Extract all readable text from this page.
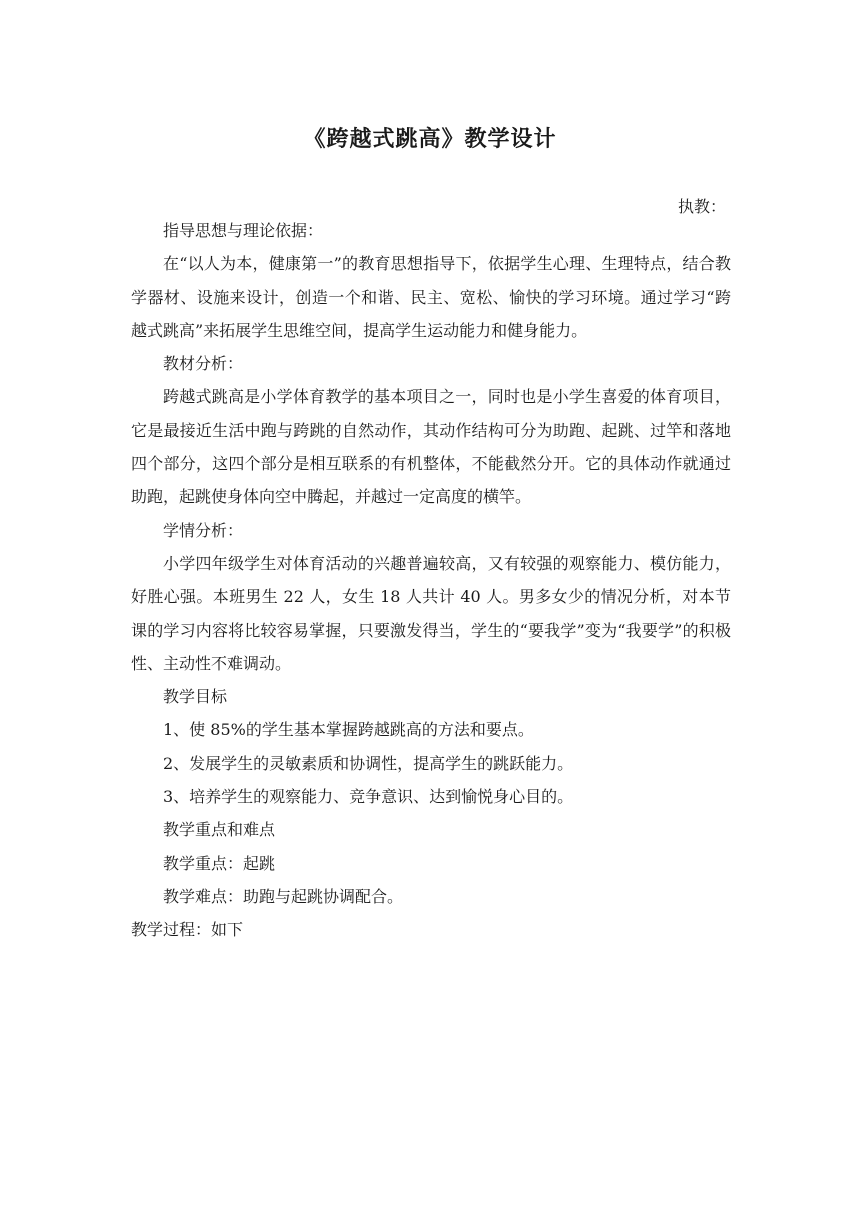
《跨越式跳高》教学设计
执教：

指导思想与理论依据：

在“以人为本，健康第一”的教育思想指导下，依据学生心理、生理特点，结合教学器材、设施来设计，创造一个和谐、民主、宽松、愉快的学习环境。通过学习“跨越式跳高”来拓展学生思维空间，提高学生运动能力和健身能力。

教材分析：

跨越式跳高是小学体育教学的基本项目之一，同时也是小学生喜爱的体育项目，它是最接近生活中跑与跨跳的自然动作，其动作结构可分为助跑、起跳、过竿和落地四个部分，这四个部分是相互联系的有机整体，不能截然分开。它的具体动作就通过助跑，起跳使身体向空中腾起，并越过一定高度的横竿。

学情分析：

小学四年级学生对体育活动的兴趣普遍较高，又有较强的观察能力、模仿能力，好胜心强。本班男生 22 人，女生 18 人共计 40 人。男多女少的情况分析，对本节课的学习内容将比较容易掌握，只要激发得当，学生的“要我学”变为“我要学”的积极性、主动性不难调动。

教学目标

1、使 85%的学生基本掌握跨越跳高的方法和要点。

2、发展学生的灵敏素质和协调性，提高学生的跳跃能力。

3、培养学生的观察能力、竞争意识、达到愉悦身心目的。

教学重点和难点

教学重点：起跳

教学难点：助跑与起跳协调配合。

教学过程：如下
